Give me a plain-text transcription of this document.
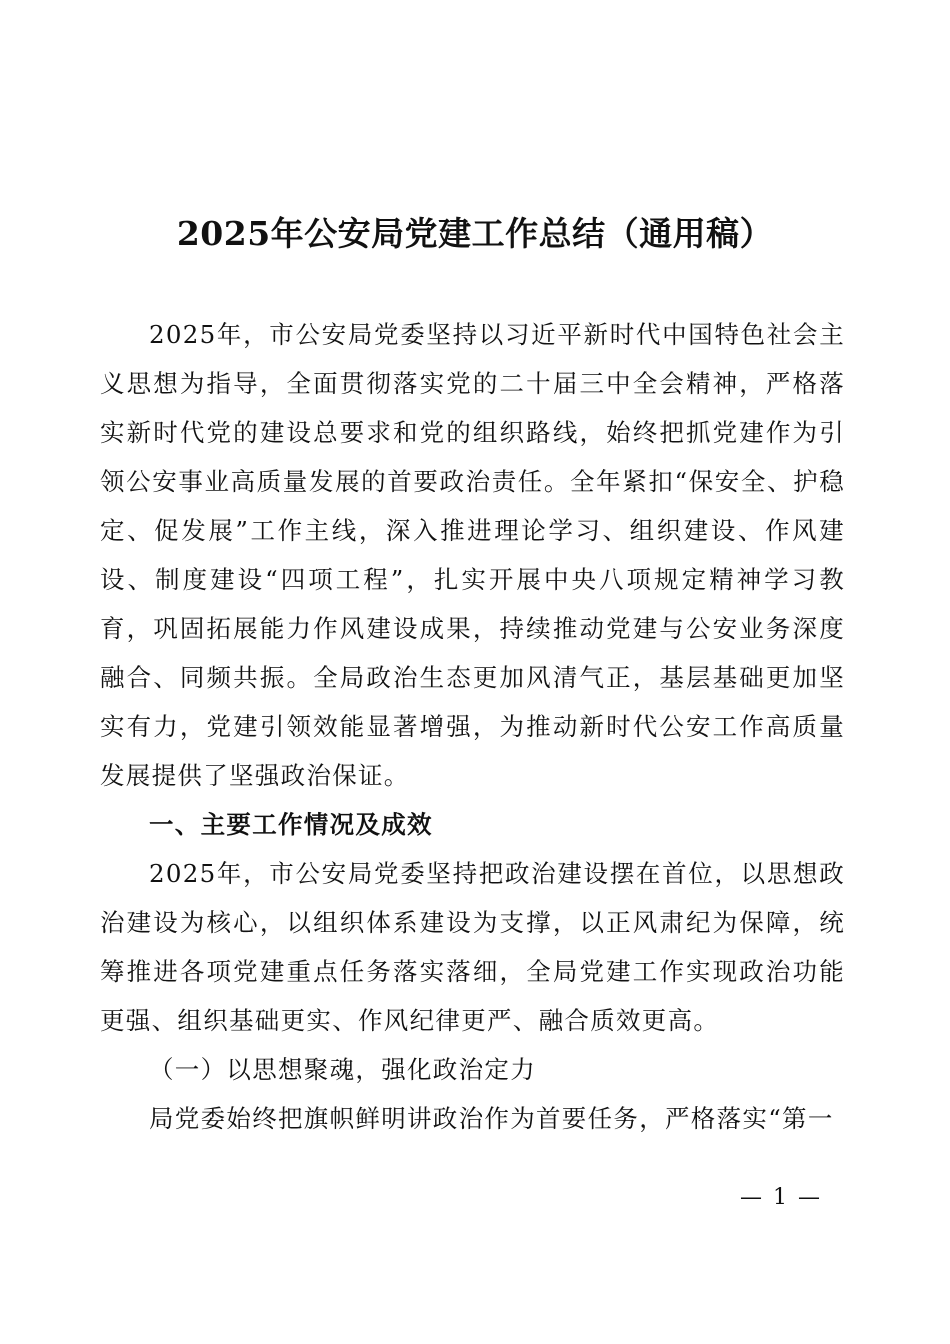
2025年公安局党建工作总结（通用稿）

2025年，市公安局党委坚持以习近平新时代中国特色社会主义思想为指导，全面贯彻落实党的二十届三中全会精神，严格落实新时代党的建设总要求和党的组织路线，始终把抓党建作为引领公安事业高质量发展的首要政治责任。全年紧扣“保安全、护稳定、促发展”工作主线，深入推进理论学习、组织建设、作风建设、制度建设“四项工程”，扎实开展中央八项规定精神学习教育，巩固拓展能力作风建设成果，持续推动党建与公安业务深度融合、同频共振。全局政治生态更加风清气正，基层基础更加坚实有力，党建引领效能显著增强，为推动新时代公安工作高质量发展提供了坚强政治保证。

一、主要工作情况及成效

2025年，市公安局党委坚持把政治建设摆在首位，以思想政治建设为核心，以组织体系建设为支撑，以正风肃纪为保障，统筹推进各项党建重点任务落实落细，全局党建工作实现政治功能更强、组织基础更实、作风纪律更严、融合质效更高。

（一）以思想聚魂，强化政治定力

局党委始终把旗帜鲜明讲政治作为首要任务，严格落实“第一

— 1 —
